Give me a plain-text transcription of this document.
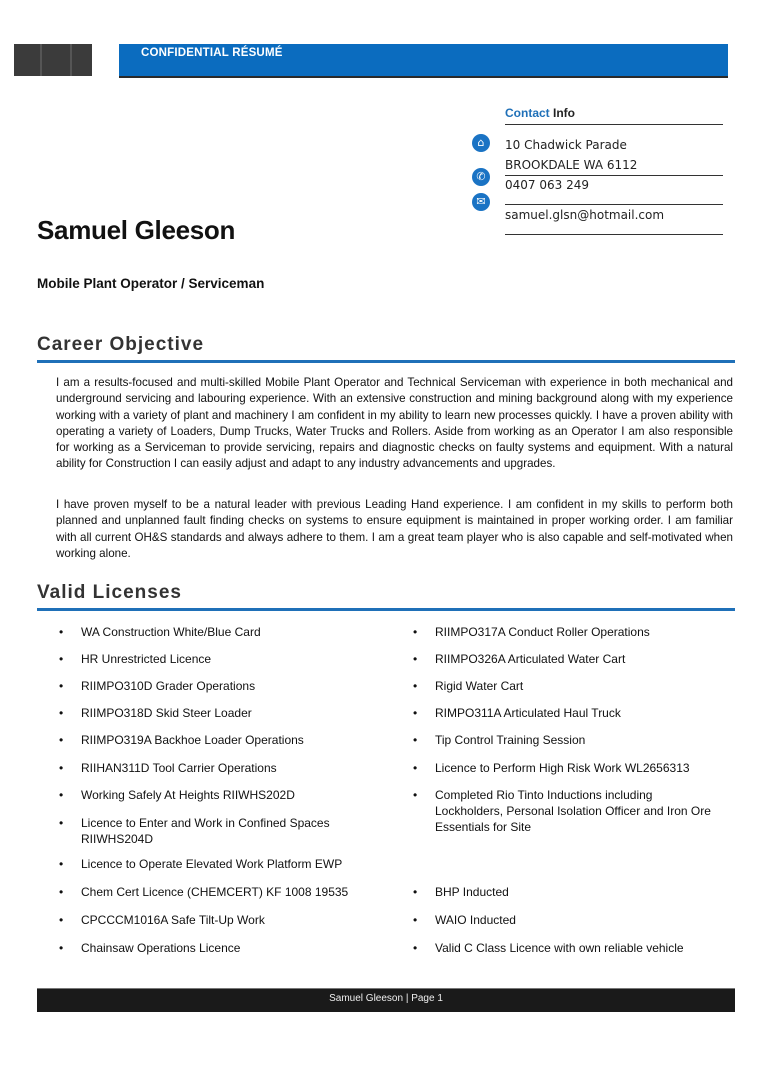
CONFIDENTIAL RÉSUMÉ
Contact Info
⌂	10 Chadwick Parade
BROOKDALE WA 6112
✆
0407 063 249
✉
samuel.glsn@hotmail.com
Samuel Gleeson
Mobile Plant Operator / Serviceman
Career Objective
I am a results-focused and multi-skilled Mobile Plant Operator and Technical Serviceman with experience in both mechanical and underground servicing and labouring experience. With an extensive construction and mining background along with my experience working with a variety of plant and machinery I am confident in my ability to learn new processes quickly. I have a proven ability with operating a variety of Loaders, Dump Trucks, Water Trucks and Rollers. Aside from working as an Operator I am also responsible for working as a Serviceman to provide servicing, repairs and diagnostic checks on faulty systems and equipment. With a natural ability for Construction I can easily adjust and adapt to any industry advancements and upgrades.
I have proven myself to be a natural leader with previous Leading Hand experience. I am confident in my skills to perform both planned and unplanned fault finding checks on systems to ensure equipment is maintained in proper working order. I am familiar with all current OH&S standards and always adhere to them. I am a great team player who is also capable and self-motivated when working alone.
Valid Licenses
• WA Construction White/Blue Card
• HR Unrestricted Licence
• RIIMPO310D Grader Operations
• RIIMPO318D Skid Steer Loader
• RIIMPO319A Backhoe Loader Operations
• RIIHAN311D Tool Carrier Operations
• Working Safely At Heights RIIWHS202D
• Licence to Enter and Work in Confined Spaces RIIWHS204D
• Licence to Operate Elevated Work Platform EWP
• Chem Cert Licence (CHEMCERT) KF 1008 19535
• CPCCCM1016A Safe Tilt-Up Work
• Chainsaw Operations Licence
• RIIMPO317A Conduct Roller Operations
• RIIMPO326A Articulated Water Cart
• Rigid Water Cart
• RIMPO311A Articulated Haul Truck
• Tip Control Training Session
• Licence to Perform High Risk Work WL2656313
• Completed Rio Tinto Inductions including Lockholders, Personal Isolation Officer and Iron Ore Essentials for Site
• BHP Inducted
• WAIO Inducted
• Valid C Class Licence with own reliable vehicle
Samuel Gleeson | Page 1
